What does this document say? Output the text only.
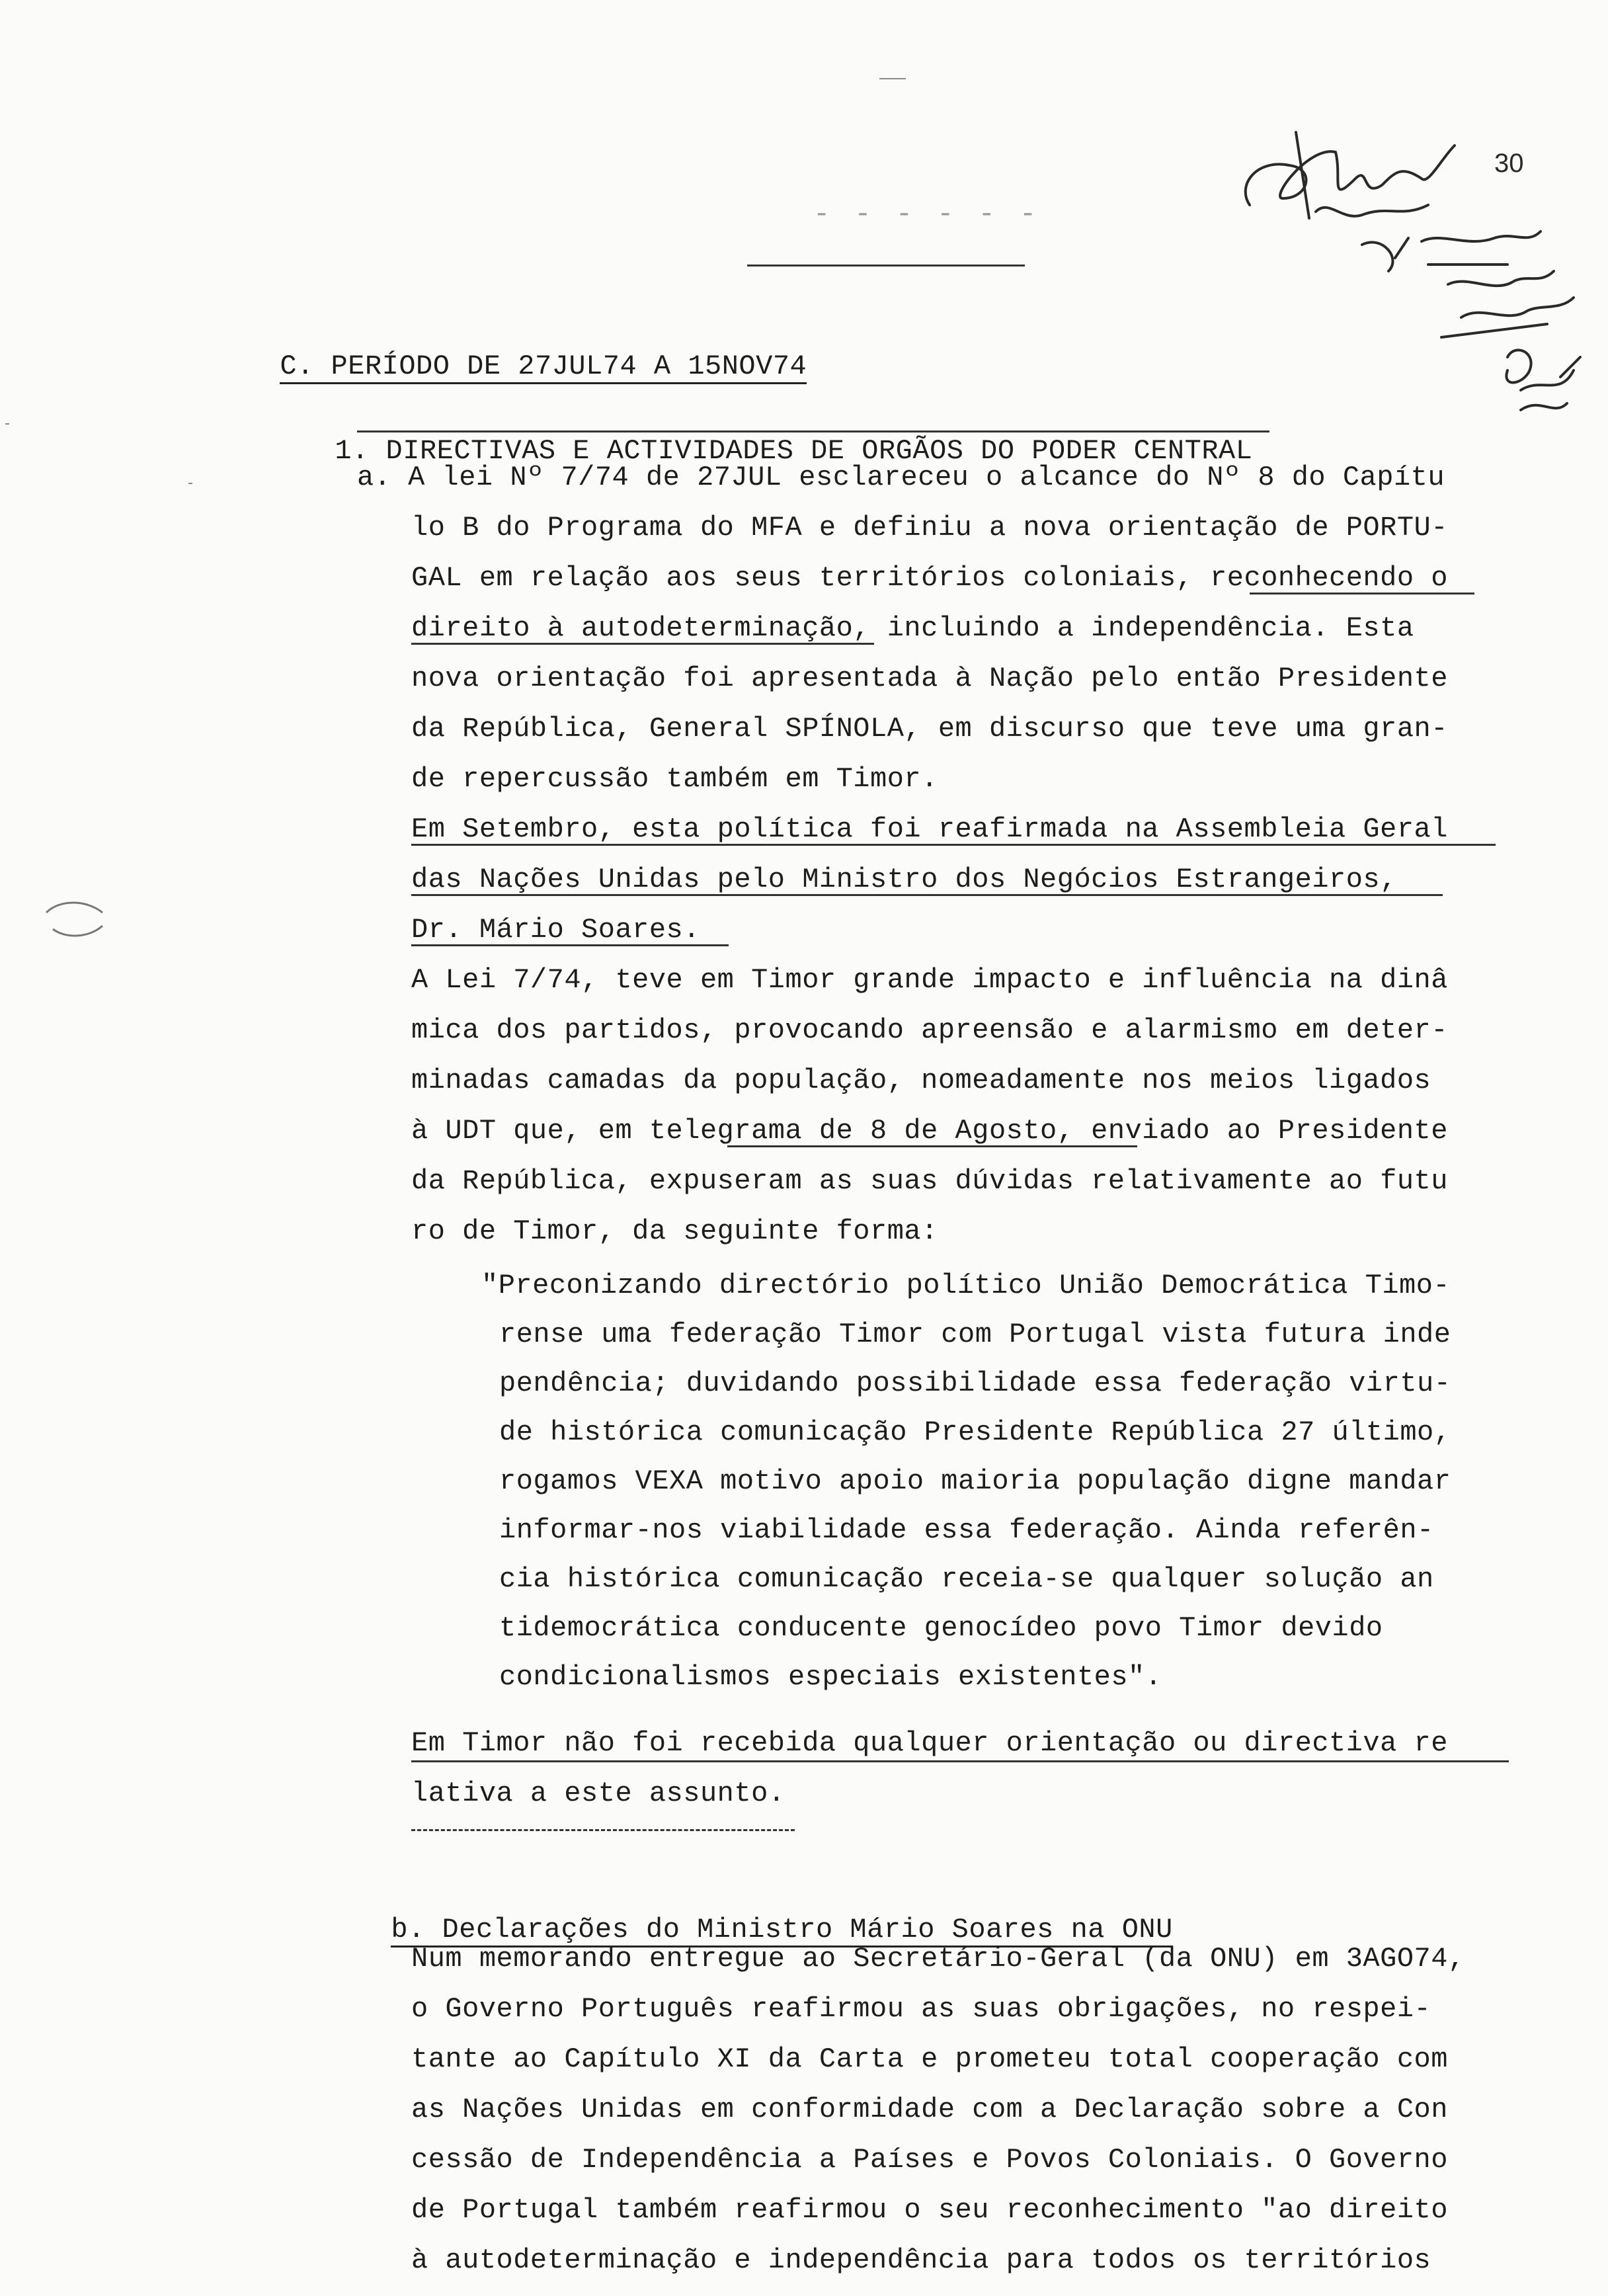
- - - - - -
30

C. PERÍODO DE 27JUL74 A 15NOV74

1. DIRECTIVAS E ACTIVIDADES DE ORGÃOS DO PODER CENTRAL

a. A lei Nº 7/74 de 27JUL esclareceu o alcance do Nº 8 do Capítu
lo B do Programa do MFA e definiu a nova orientação de PORTU-
GAL em relação aos seus territórios coloniais, reconhecendo o
direito à autodeterminação, incluindo a independência. Esta
nova orientação foi apresentada à Nação pelo então Presidente
da República, General SPÍNOLA, em discurso que teve uma gran-
de repercussão também em Timor.
Em Setembro, esta política foi reafirmada na Assembleia Geral
das Nações Unidas pelo Ministro dos Negócios Estrangeiros,
Dr. Mário Soares.
A Lei 7/74, teve em Timor grande impacto e influência na dinâ
mica dos partidos, provocando apreensão e alarmismo em deter-
minadas camadas da população, nomeadamente nos meios ligados
à UDT que, em telegrama de 8 de Agosto, enviado ao Presidente
da República, expuseram as suas dúvidas relativamente ao futu
ro de Timor, da seguinte forma:
"Preconizando directório político União Democrática Timo-
rense uma federação Timor com Portugal vista futura inde
pendência; duvidando possibilidade essa federação virtu-
de histórica comunicação Presidente República 27 último,
rogamos VEXA motivo apoio maioria população digne mandar
informar-nos viabilidade essa federação. Ainda referên-
cia histórica comunicação receia-se qualquer solução an
tidemocrática conducente genocídeo povo Timor devido
condicionalismos especiais existentes".
Em Timor não foi recebida qualquer orientação ou directiva re
lativa a este assunto.

b. Declarações do Ministro Mário Soares na ONU

Num memorando entregue ao Secretário-Geral (da ONU) em 3AGO74,
o Governo Português reafirmou as suas obrigações, no respei-
tante ao Capítulo XI da Carta e prometeu total cooperação com
as Nações Unidas em conformidade com a Declaração sobre a Con
cessão de Independência a Países e Povos Coloniais. O Governo
de Portugal também reafirmou o seu reconhecimento "ao direito
à autodeterminação e independência para todos os territórios
